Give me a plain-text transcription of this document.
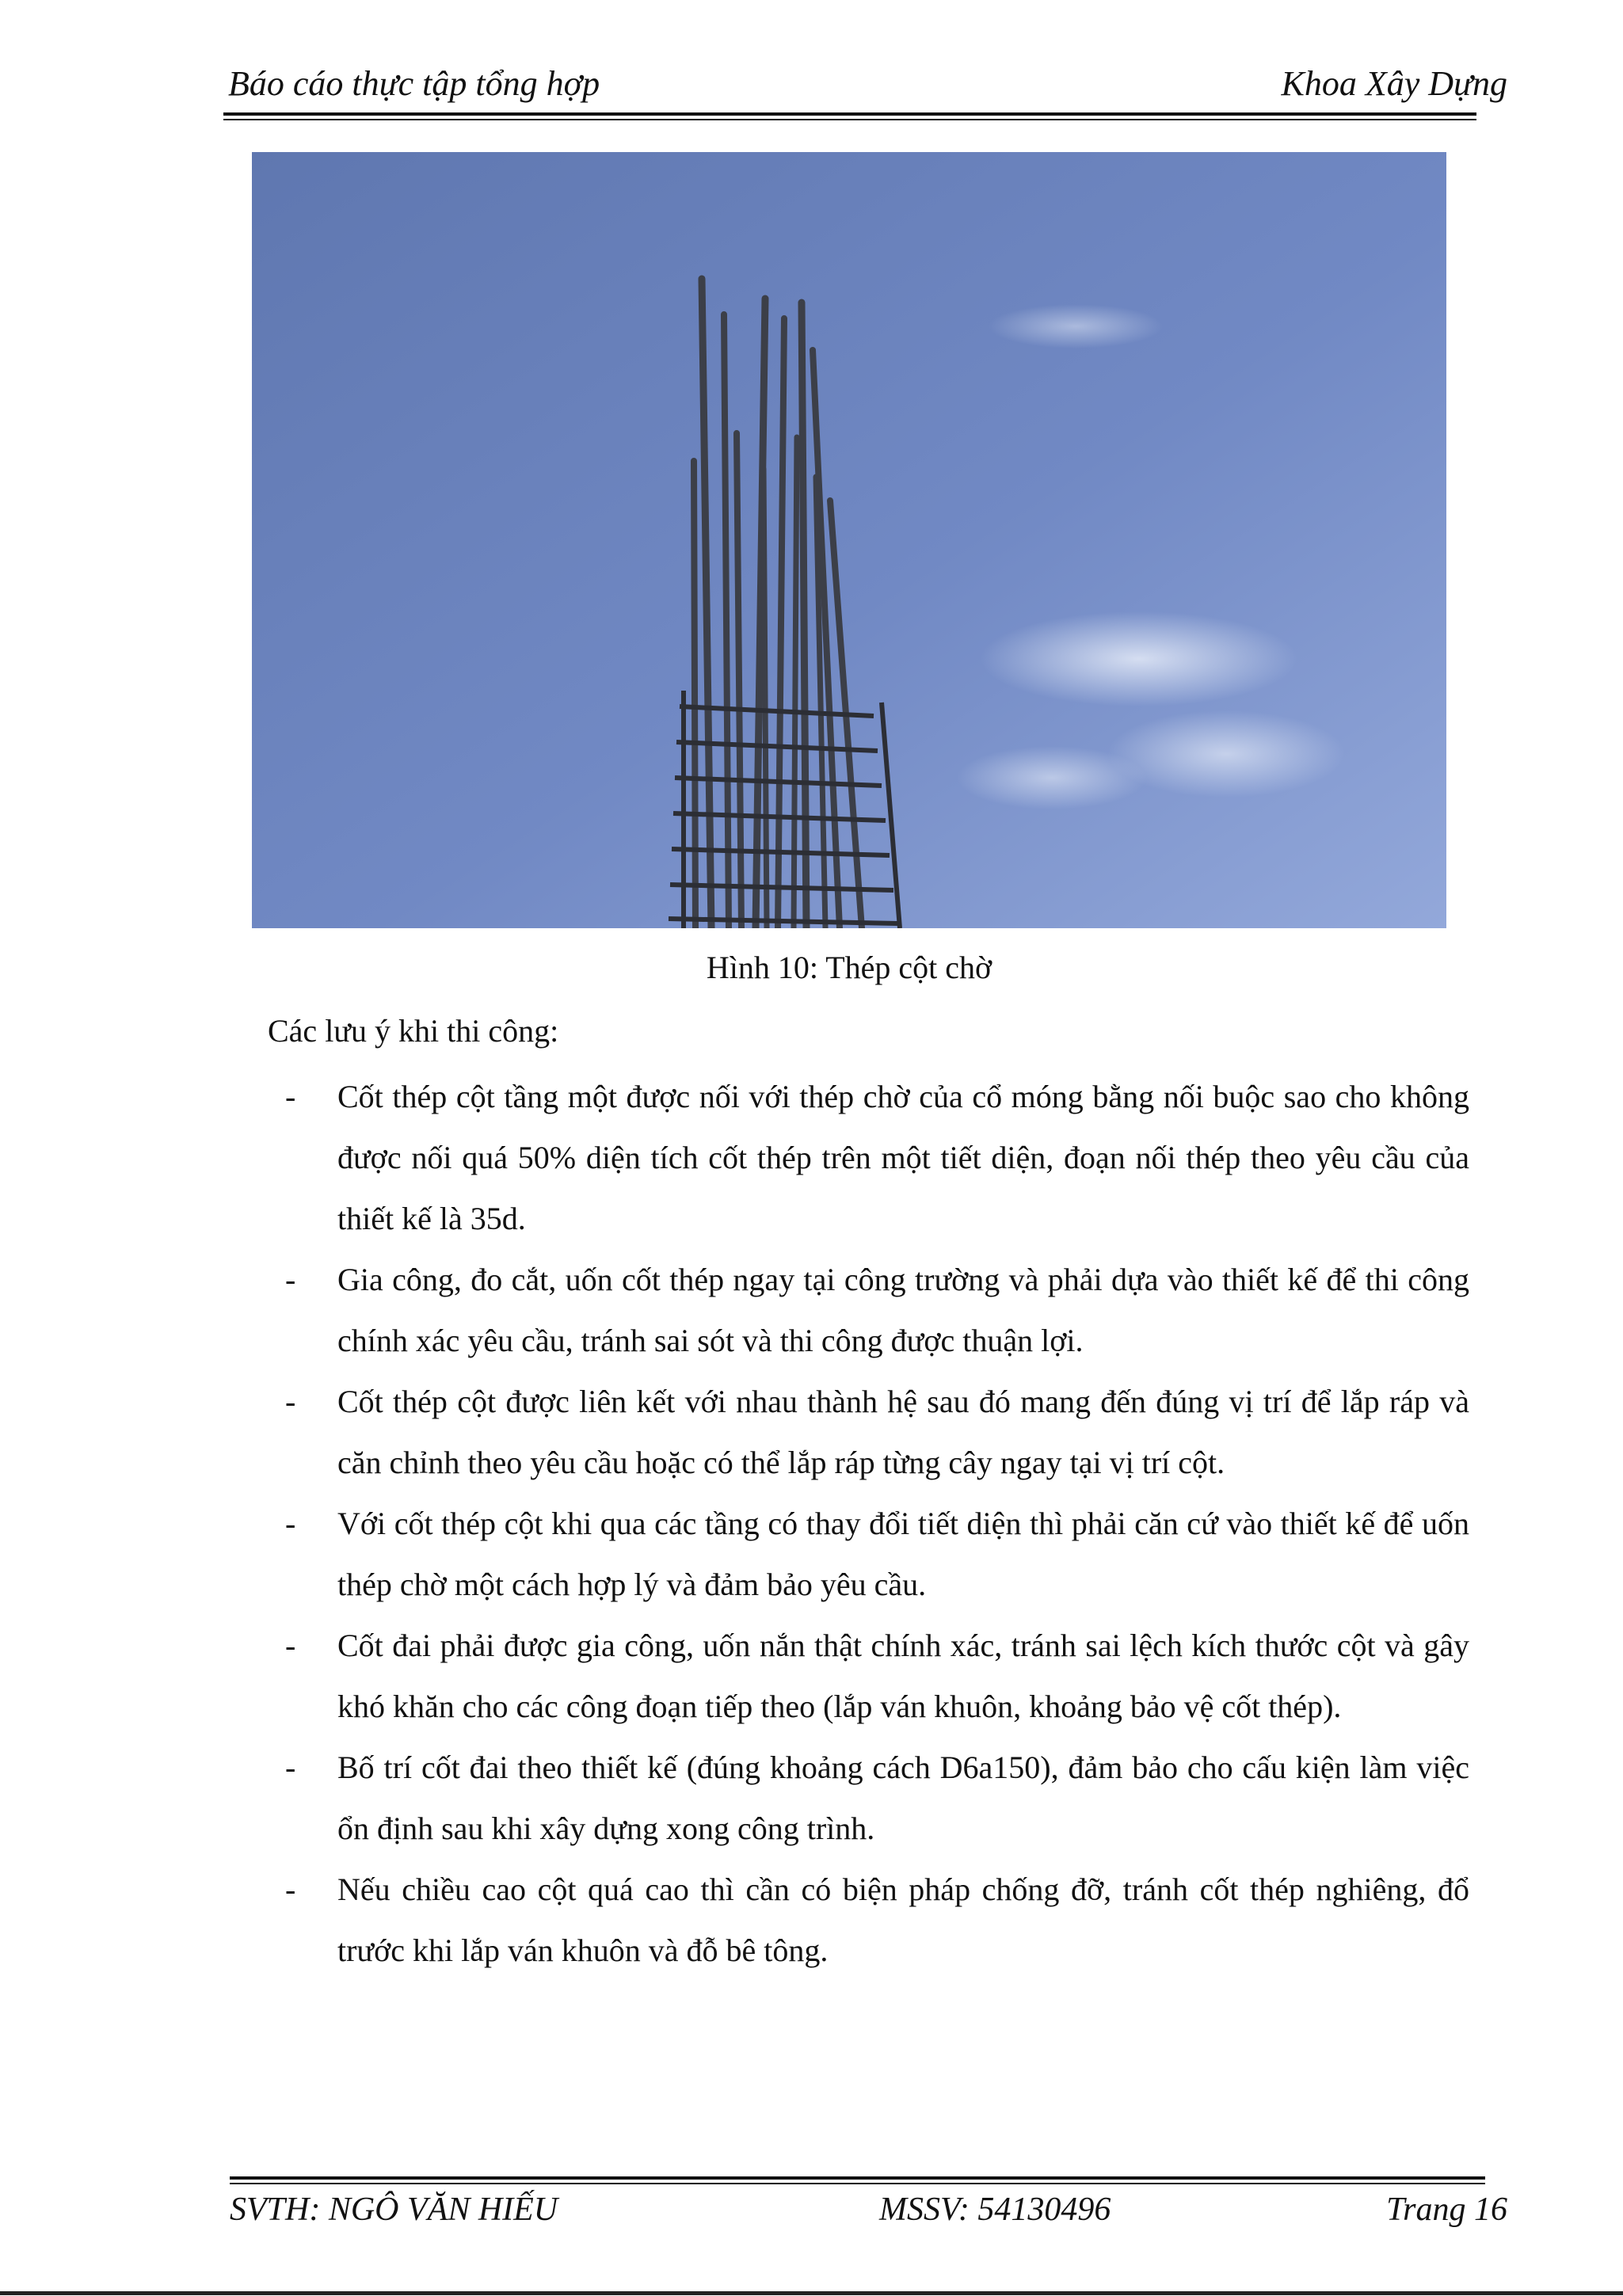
Báo cáo thực tập tổng hợp	Khoa Xây Dựng
Hình 10: Thép cột chờ
Các lưu ý khi thi công:
- Cốt thép cột tầng một được nối với thép chờ của cổ móng bằng nối buộc sao cho không được nối quá 50% diện tích cốt thép trên một tiết diện, đoạn nối thép theo yêu cầu của thiết kế là 35d.
- Gia công, đo cắt, uốn cốt thép ngay tại công trường và phải dựa vào thiết kế để thi công chính xác yêu cầu, tránh sai sót và thi công được thuận lợi.
- Cốt thép cột được liên kết với nhau thành hệ sau đó mang đến đúng vị trí để lắp ráp và căn chỉnh theo yêu cầu hoặc có thể lắp ráp từng cây ngay tại vị trí cột.
- Với cốt thép cột khi qua các tầng có thay đổi tiết diện thì phải căn cứ vào thiết kế để uốn thép chờ một cách hợp lý và đảm bảo yêu cầu.
- Cốt đai phải được gia công, uốn nắn thật chính xác, tránh sai lệch kích thước cột và gây khó khăn cho các công đoạn tiếp theo (lắp ván khuôn, khoảng bảo vệ cốt thép).
- Bố trí cốt đai theo thiết kế (đúng khoảng cách D6a150), đảm bảo cho cấu kiện làm việc ổn định sau khi xây dựng xong công trình.
- Nếu chiều cao cột quá cao thì cần có biện pháp chống đỡ, tránh cốt thép nghiêng, đổ trước khi lắp ván khuôn và đỗ bê tông.
SVTH: NGÔ VĂN HIẾU	MSSV: 54130496	Trang 16
